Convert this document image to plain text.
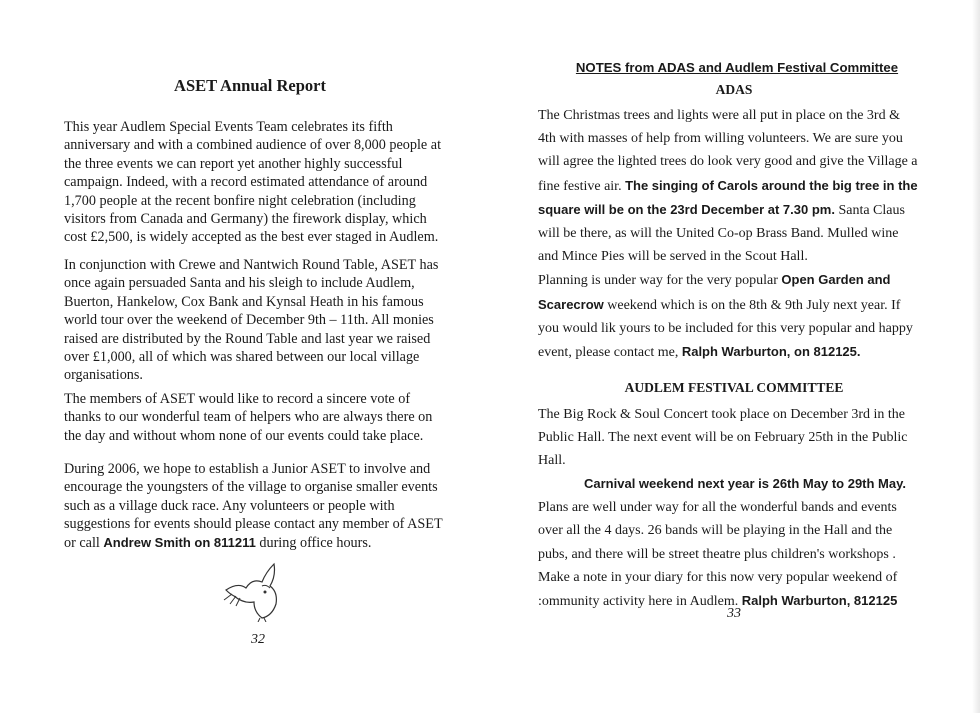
ASET Annual Report

This year Audlem Special Events Team celebrates its fifth anniversary and with a combined audience of over 8,000 people at the three events we can report yet another highly successful campaign. Indeed, with a record estimated attendance of around 1,700 people at the recent bonfire night celebration (including visitors from Canada and Germany) the firework display, which cost £2,500, is widely accepted as the best ever staged in Audlem.

In conjunction with Crewe and Nantwich Round Table, ASET has once again persuaded Santa and his sleigh to include Audlem, Buerton, Hankelow, Cox Bank and Kynsal Heath in his famous world tour over the weekend of December 9th – 11th. All monies raised are distributed by the Round Table and last year we raised over £1,000, all of which was shared between our local village organisations.

The members of ASET would like to record a sincere vote of thanks to our wonderful team of helpers who are always there on the day and without whom none of our events could take place.

During 2006, we hope to establish a Junior ASET to involve and encourage the youngsters of the village to organise smaller events such as a village duck race. Any volunteers or people with suggestions for events should please contact any member of ASET or call Andrew Smith on 811211 during office hours.

32
NOTES from ADAS and Audlem Festival Committee
ADAS

The Christmas trees and lights were all put in place on the 3rd & 4th with masses of help from willing volunteers. We are sure you will agree the lighted trees do look very good and give the Village a fine festive air. The singing of Carols around the big tree in the square will be on the 23rd December at 7.30 pm. Santa Claus will be there, as will the United Co-op Brass Band. Mulled wine and Mince Pies will be served in the Scout Hall.
Planning is under way for the very popular Open Garden and Scarecrow weekend which is on the 8th & 9th July next year. If you would lik yours to be included for this very popular and happy event, please contact me, Ralph Warburton, on 812125.

AUDLEM FESTIVAL COMMITTEE

The Big Rock & Soul Concert took place on December 3rd in the Public Hall. The next event will be on February 25th in the Public Hall.

Carnival weekend next year is 26th May to 29th May. Plans are well under way for all the wonderful bands and events over all the 4 days. 26 bands will be playing in the Hall and the pubs, and there will be street theatre plus children's workshops . Make a note in your diary for this now very popular weekend of :ommunity activity here in Audlem. Ralph Warburton, 812125

33
